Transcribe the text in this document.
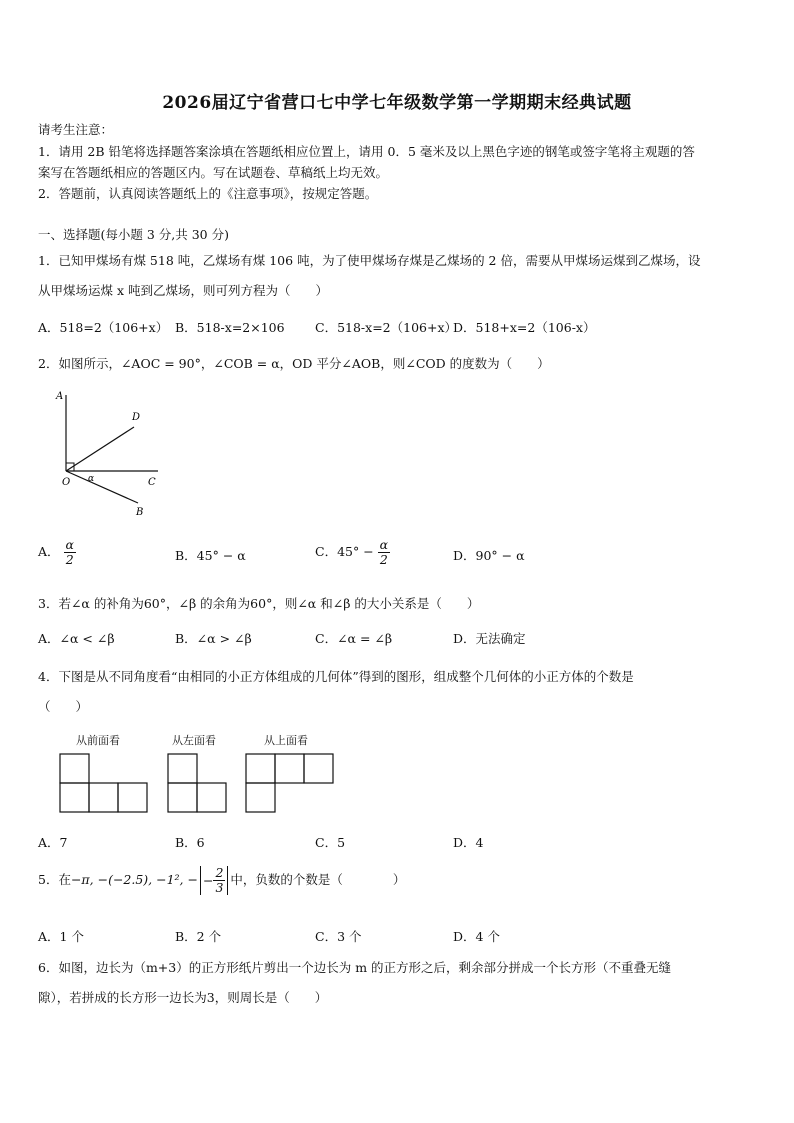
2026届辽宁省营口七中学七年级数学第一学期期末经典试题
请考生注意：
1．请用 2B 铅笔将选择题答案涂填在答题纸相应位置上，请用 0．5 毫米及以上黑色字迹的钢笔或签字笔将主观题的答
案写在答题纸相应的答题区内。写在试题卷、草稿纸上均无效。
2．答题前，认真阅读答题纸上的《注意事项》，按规定答题。
一、选择题(每小题 3 分,共 30 分)
1．已知甲煤场有煤 518 吨，乙煤场有煤 106 吨，为了使甲煤场存煤是乙煤场的 2 倍，需要从甲煤场运煤到乙煤场，设
从甲煤场运煤 x 吨到乙煤场，则可列方程为（　　）
A．518=2（106+x） B．518-x=2×106 C．518-x=2（106+x）
D．518+x=2（106-x）
2．如图所示，∠AOC = 90°，∠COB = α，OD 平分∠AOB，则∠COD 的度数为（　　）
A
D
O α	C
B
A． $\frac{\alpha}{2}$	B．45° − α	C．$45^\circ - \frac{\alpha}{2}$	D．90° − α
3．若∠α 的补角为60°，∠β 的余角为60°，则∠α 和∠β 的大小关系是（　　）
A．∠α < ∠β	B．∠α > ∠β	C．∠α = ∠β	D．无法确定
4．下图是从不同角度看“由相同的小正方体组成的几何体”得到的图形，组成整个几何体的小正方体的个数是
（　　）
从前面看	从左面看	从上面看
A．7	B．6	C．5	D．4
5．在−π, −(−2.5), −1², − − $\frac{2}{3}$ 中，负数的个数是（　　　　）
A．1 个	B．2 个	C．3 个	D．4 个
6．如图，边长为（m+3）的正方形纸片剪出一个边长为 m 的正方形之后，剩余部分拼成一个长方形（不重叠无缝
隙），若拼成的长方形一边长为3，则周长是（　　）
